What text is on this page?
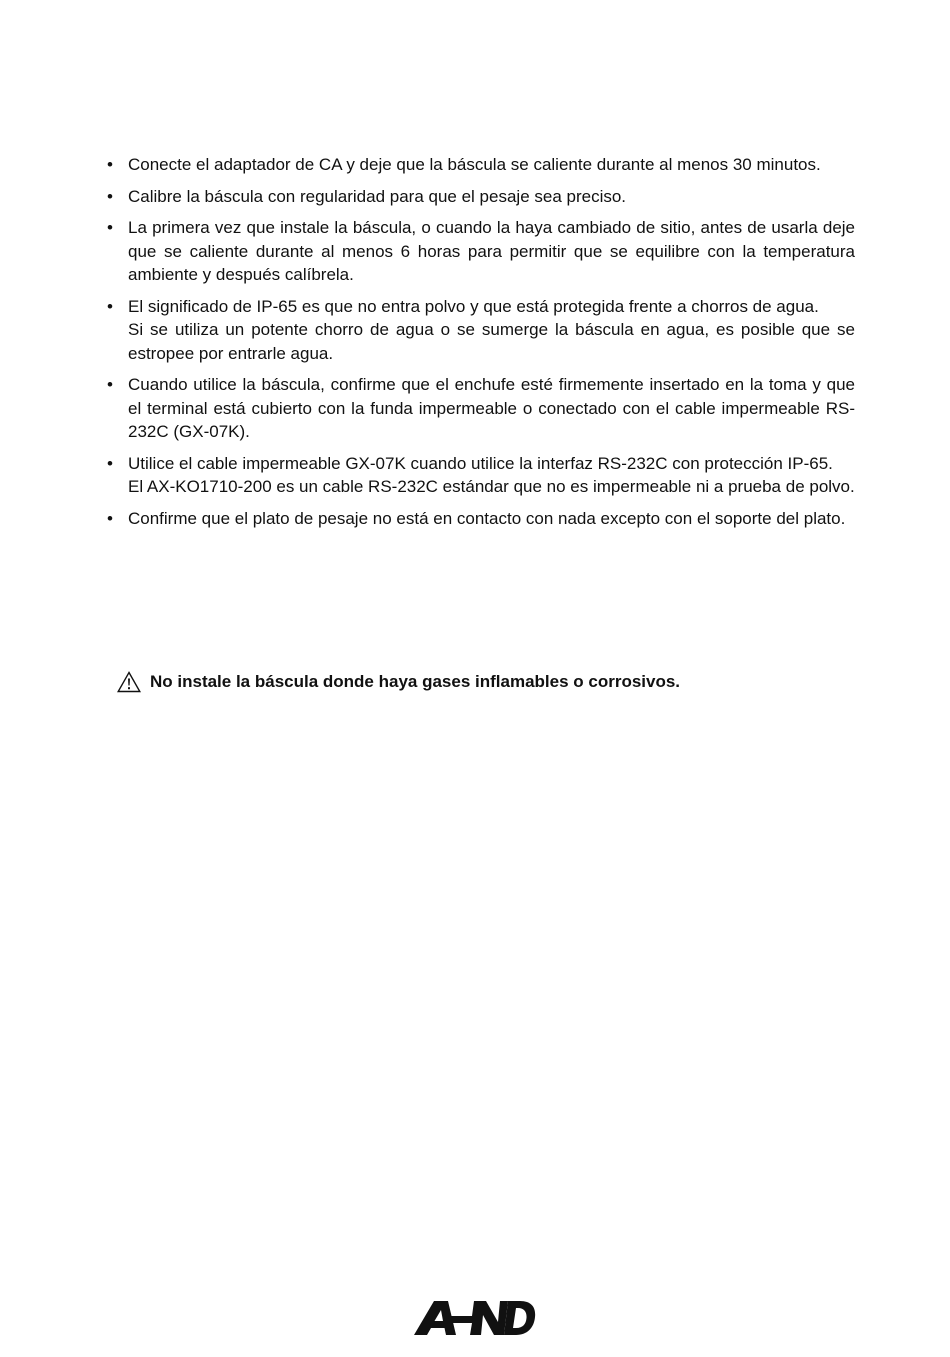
• Conecte el adaptador de CA y deje que la báscula se caliente durante al menos 30 minutos.

• Calibre la báscula con regularidad para que el pesaje sea preciso.

• La primera vez que instale la báscula, o cuando la haya cambiado de sitio, antes de usarla deje que se caliente durante al menos 6 horas para permitir que se equilibre con la temperatura ambiente y después calíbrela.

• El significado de IP-65 es que no entra polvo y que está protegida frente a chorros de agua.

Si se utiliza un potente chorro de agua o se sumerge la báscula en agua, es posible que se estropee por entrarle agua.

• Cuando utilice la báscula, confirme que el enchufe esté firmemente insertado en la toma y que el terminal está cubierto con la funda impermeable o conectado con el cable impermeable RS-232C (GX-07K).

• Utilice el cable impermeable GX-07K cuando utilice la interfaz RS-232C con protección IP-65.

El AX-KO1710-200 es un cable RS-232C estándar que no es impermeable ni a prueba de polvo.

• Confirme que el plato de pesaje no está en contacto con nada excepto con el soporte del plato.

No instale la báscula donde haya gases inflamables o corrosivos.
